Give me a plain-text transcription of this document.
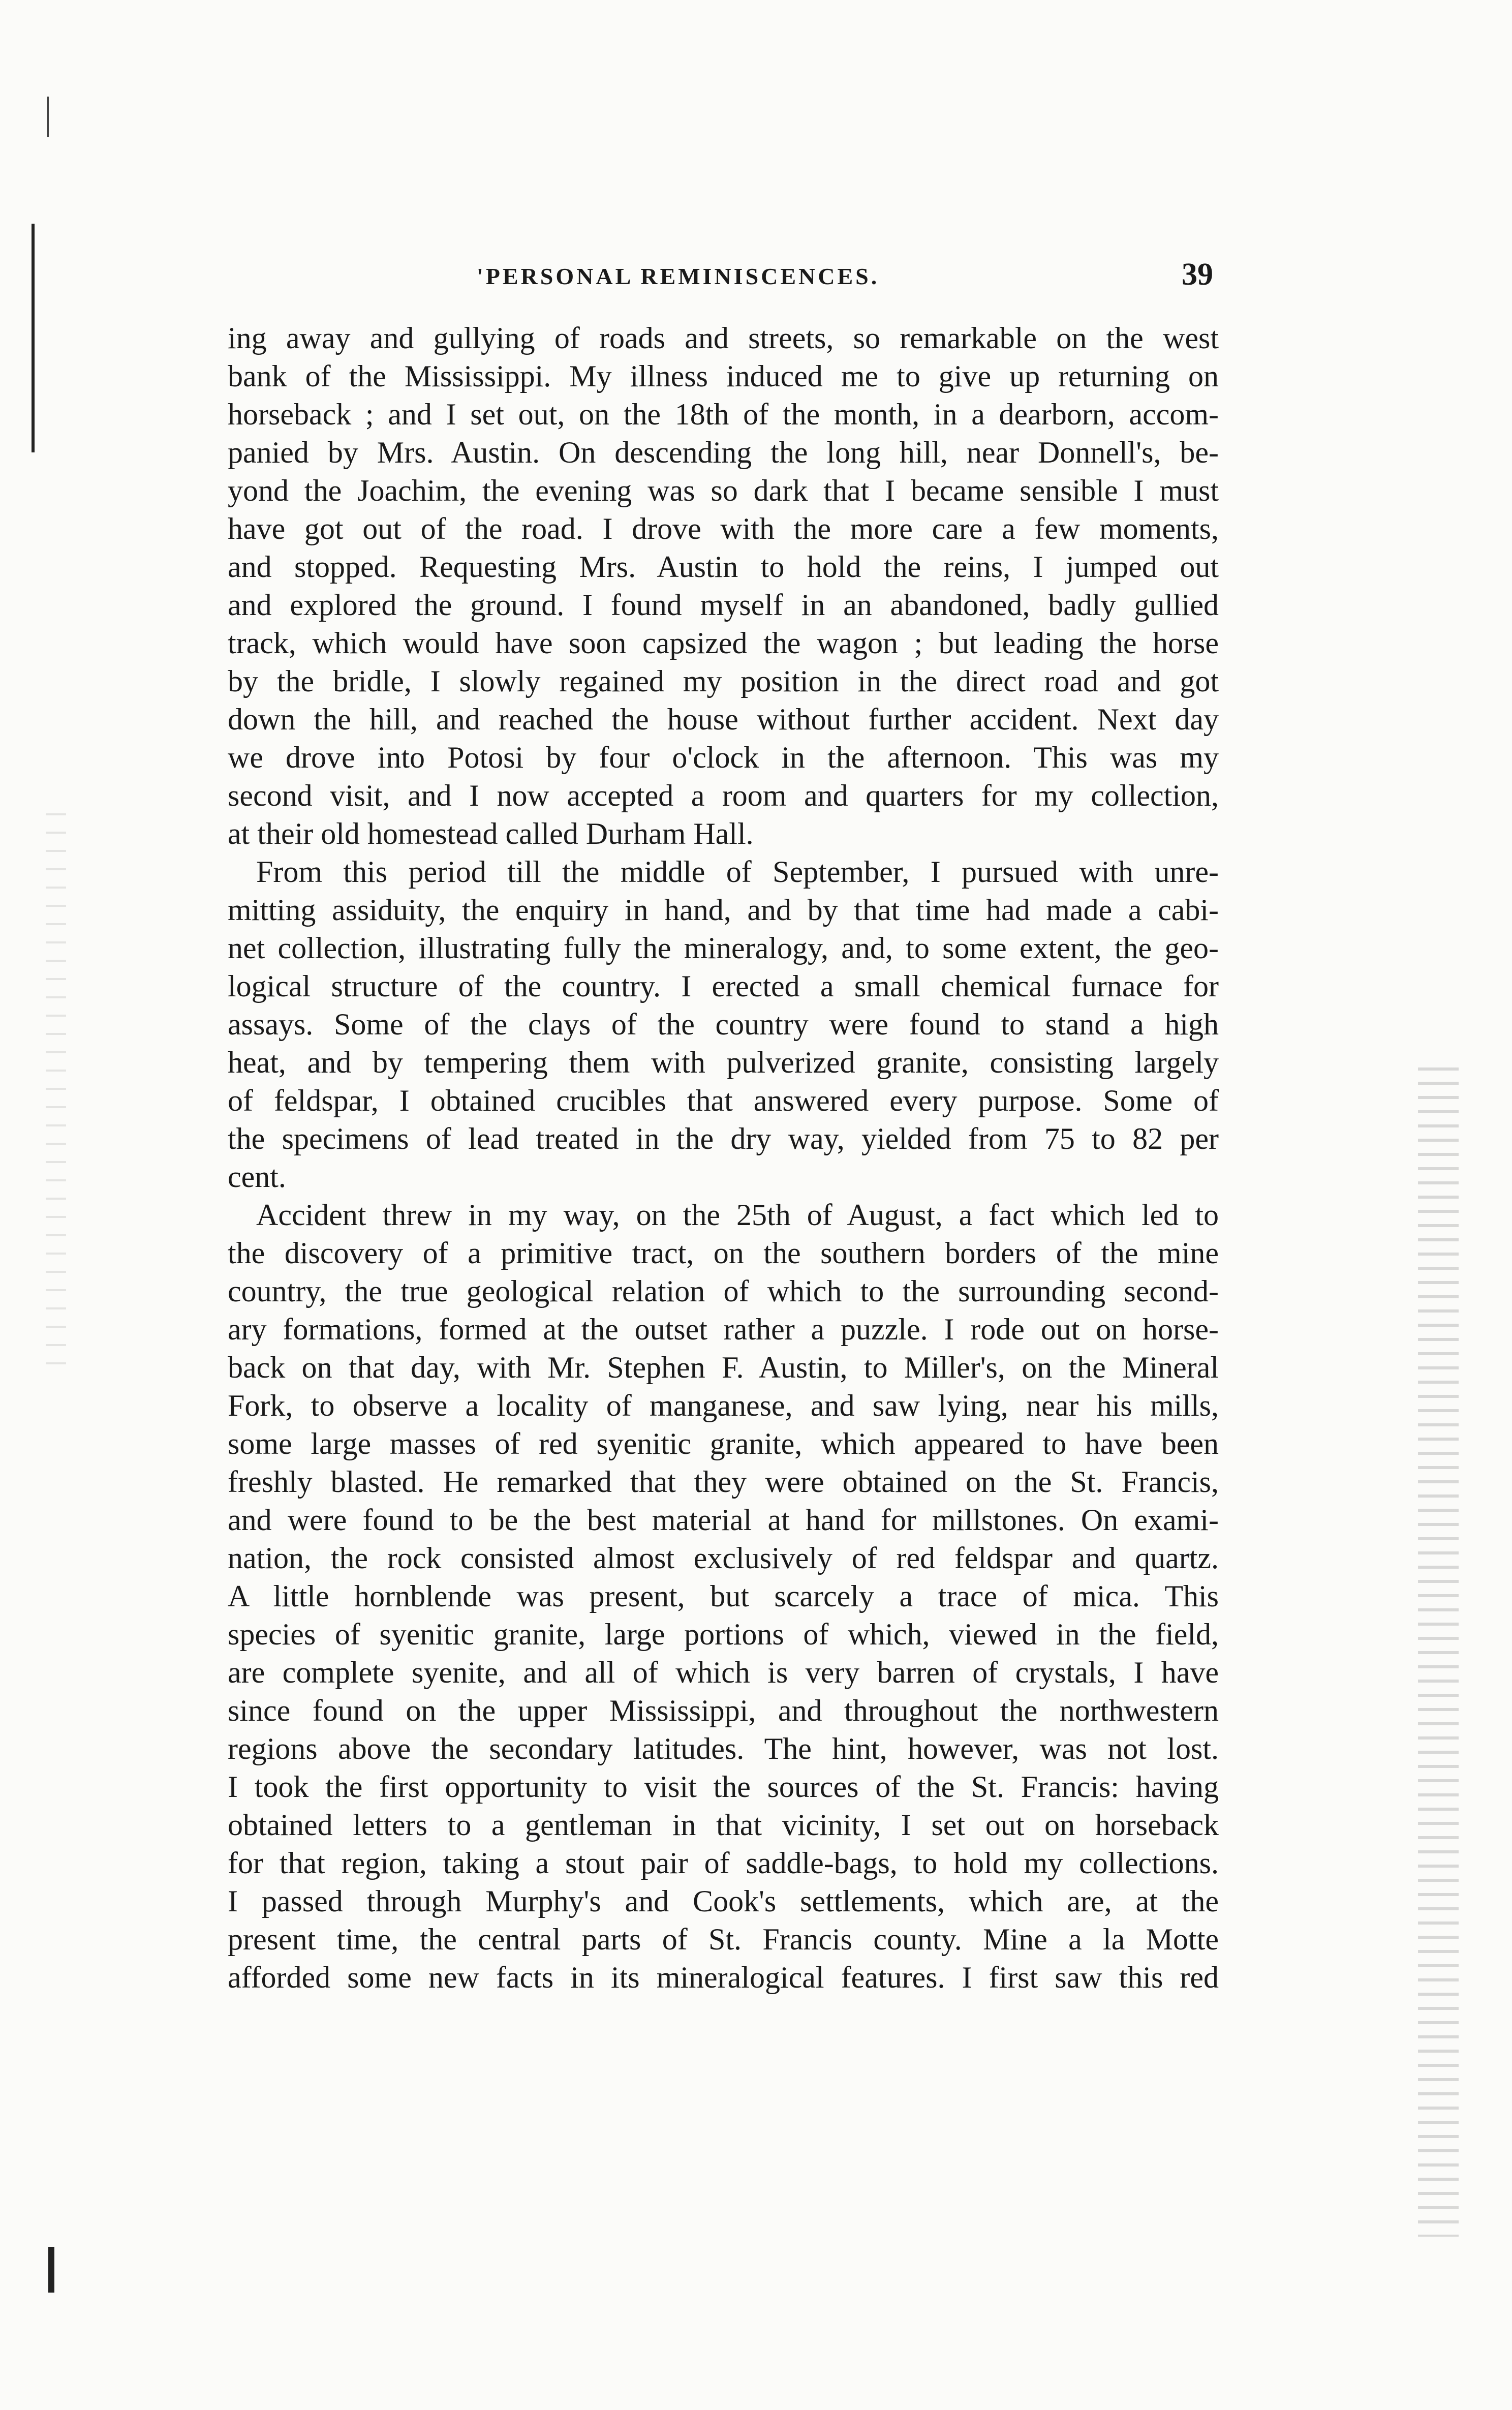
'PERSONAL REMINISCENCES.	39
ing away and gullying of roads and streets, so remarkable on the west
bank of the Mississippi. My illness induced me to give up returning on
horseback ; and I set out, on the 18th of the month, in a dearborn, accom-
panied by Mrs. Austin. On descending the long hill, near Donnell's, be-
yond the Joachim, the evening was so dark that I became sensible I must
have got out of the road. I drove with the more care a few moments,
and stopped. Requesting Mrs. Austin to hold the reins, I jumped out
and explored the ground. I found myself in an abandoned, badly gullied
track, which would have soon capsized the wagon ; but leading the horse
by the bridle, I slowly regained my position in the direct road and got
down the hill, and reached the house without further accident. Next day
we drove into Potosi by four o'clock in the afternoon. This was my
second visit, and I now accepted a room and quarters for my collection,
at their old homestead called Durham Hall.
From this period till the middle of September, I pursued with unre-
mitting assiduity, the enquiry in hand, and by that time had made a cabi-
net collection, illustrating fully the mineralogy, and, to some extent, the geo-
logical structure of the country. I erected a small chemical furnace for
assays. Some of the clays of the country were found to stand a high
heat, and by tempering them with pulverized granite, consisting largely
of feldspar, I obtained crucibles that answered every purpose. Some of
the specimens of lead treated in the dry way, yielded from 75 to 82 per
cent.
Accident threw in my way, on the 25th of August, a fact which led to
the discovery of a primitive tract, on the southern borders of the mine
country, the true geological relation of which to the surrounding second-
ary formations, formed at the outset rather a puzzle. I rode out on horse-
back on that day, with Mr. Stephen F. Austin, to Miller's, on the Mineral
Fork, to observe a locality of manganese, and saw lying, near his mills,
some large masses of red syenitic granite, which appeared to have been
freshly blasted. He remarked that they were obtained on the St. Francis,
and were found to be the best material at hand for millstones. On exami-
nation, the rock consisted almost exclusively of red feldspar and quartz.
A little hornblende was present, but scarcely a trace of mica. This
species of syenitic granite, large portions of which, viewed in the field,
are complete syenite, and all of which is very barren of crystals, I have
since found on the upper Mississippi, and throughout the northwestern
regions above the secondary latitudes. The hint, however, was not lost.
I took the first opportunity to visit the sources of the St. Francis: having
obtained letters to a gentleman in that vicinity, I set out on horseback
for that region, taking a stout pair of saddle-bags, to hold my collections.
I passed through Murphy's and Cook's settlements, which are, at the
present time, the central parts of St. Francis county. Mine a la Motte
afforded some new facts in its mineralogical features. I first saw this red
